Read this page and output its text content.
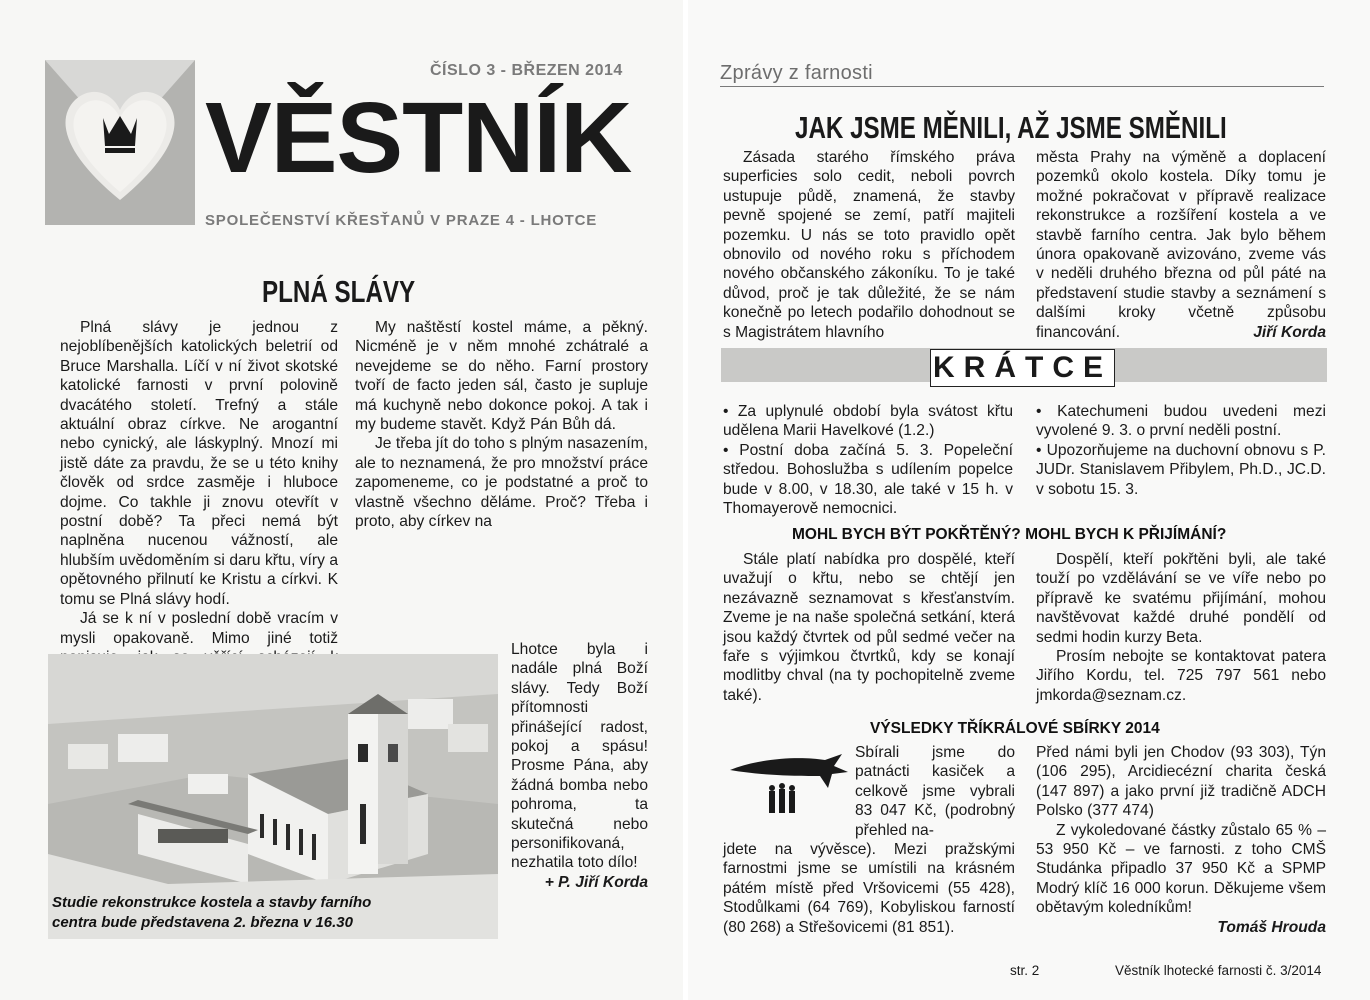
ČÍSLO 3 - BŘEZEN 2014
VĚSTNÍK
SPOLEČENSTVÍ KŘESŤANŮ V PRAZE 4 - LHOTCE
PLNÁ SLÁVY

Plná slávy je jednou z nejoblíbenějších katolických beletrií od Bruce Marshalla. Líčí v ní život skotské katolické farnosti v první polovině dvacátého století. Trefný a stále aktuální obraz církve. Ne arogantní nebo cynický, ale láskyplný. Mnozí mi jistě dáte za pravdu, že se u této knihy člověk od srdce zasměje i hluboce dojme. Co takhle ji znovu otevřít v postní době? Ta přeci nemá být naplněna nucenou vážností, ale hlubším uvědoměním si daru křtu, víry a opětovného přilnutí ke Kristu a církvi. K tomu se Plná slávy hodí.

Já se k ní v poslední době vracím v mysli opakovaně. Mimo jiné totiž

My naštěstí kostel máme, a pěkný. Nicméně je v něm mnohé zchátralé a nevejdeme se do něho. Farní prostory tvoří de facto jeden sál, často je supluje má kuchyně nebo dokonce pokoj. A tak i my budeme stavět. Když Pán Bůh dá.

Je třeba jít do toho s plným nasazením, ale to neznamená, že pro množství práce zapomeneme, co je podstatné a proč to vlastně všechno děláme. Proč? Třeba i proto, aby církev na

Studie rekonstrukce kostela a stavby farního centra bude představena 2. března v 16.30

Lhotce byla i nadále plná Boží slávy. Tedy Boží přítomnosti přinášející radost, pokoj a spásu! Prosme Pána, aby žádná bomba nebo pohroma, ta skutečná nebo personifikovaná, nezhatila toto dílo!

+ P. Jiří Korda

Zprávy z farnosti
JAK JSME MĚNILI, AŽ JSME SMĚNILI
Zásada starého římského práva superficies solo cedit, neboli povrch ustupuje půdě, znamená, že stavby pevně spojené se zemí, patří majiteli pozemku. U nás se toto pravidlo opět obnovilo od nového roku s příchodem nového občanského zákoníku. To je také důvod, proč je tak důležité, že se nám konečně po letech podařilo dohodnout se s Magistrátem hlavního
města Prahy na výměně a doplacení pozemků okolo kostela. Díky tomu je možné pokračovat v přípravě realizace rekonstrukce a rozšíření kostela a ve stavbě farního centra. Jak bylo během února opakovaně avizováno, zveme vás v neděli druhého března od půl páté na představení studie stavby a seznámení s dalšími kroky včetně způsobu financování.	Jiří Korda
KRÁTCE

• Za uplynulé období byla svátost křtu udělena Marii Havelkové (1.2.)

• Postní doba začíná 5. 3. Popeleční středou. Bohoslužba s udílením popelce bude v 8.00, v 18.30, ale také v 15 h. v Thomayerově nemocnici.

• Katechumeni budou uvedeni mezi vyvolené 9. 3. o první neděli postní.

• Upozorňujeme na duchovní obnovu s P. JUDr. Stanislavem Přibylem, Ph.D., JC.D. v sobotu 15. 3.

MOHL BYCH BÝT POKŘTĚNÝ? MOHL BYCH K PŘIJÍMÁNÍ?
Stále platí nabídka pro dospělé, kteří uvažují o křtu, nebo se chtějí jen nezávazně seznamovat s křesťanstvím. Zveme je na naše společná setkání, která jsou každý čtvrtek od půl sedmé večer na faře s výjimkou čtvrtků, kdy se konají modlitby chval (na ty pochopitelně zveme také).

Dospělí, kteří pokřtěni byli, ale také touží po vzdělávání se ve víře nebo po přípravě ke svatému přijímání, mohou navštěvovat každé druhé pondělí od sedmi hodin kurzy Beta.

Prosím nebojte se kontaktovat patera Jiřího Kordu, tel. 725 797 561 nebo jmkorda@seznam.cz.

VÝSLEDKY TŘÍKRÁLOVÉ SBÍRKY 2014
Sbírali jsme do patnácti kasiček a celkově jsme vybrali 83 047 Kč, (podrobný přehled na-
jdete na vývěsce). Mezi pražskými farnostmi jsme se umístili na krásném pátém místě před Vršovicemi (55 428), Stodůlkami (64 769), Kobyliskou farností (80 268) a Střešovicemi (81 851).

Před námi byli jen Chodov (93 303), Týn (106 295), Arcidiecézní charita česká (147 897) a jako první již tradičně ADCH Polsko (377 474)

Z vykoledované částky zůstalo 65 % – 53 950 Kč – ve farnosti. z toho CMŠ Studánka připadlo 37 950 Kč a SPMP Modrý klíč 16 000 korun. Děkujeme všem obětavým koledníkům!

Tomáš Hrouda

str. 2	Věstník lhotecké farnosti č. 3/2014
